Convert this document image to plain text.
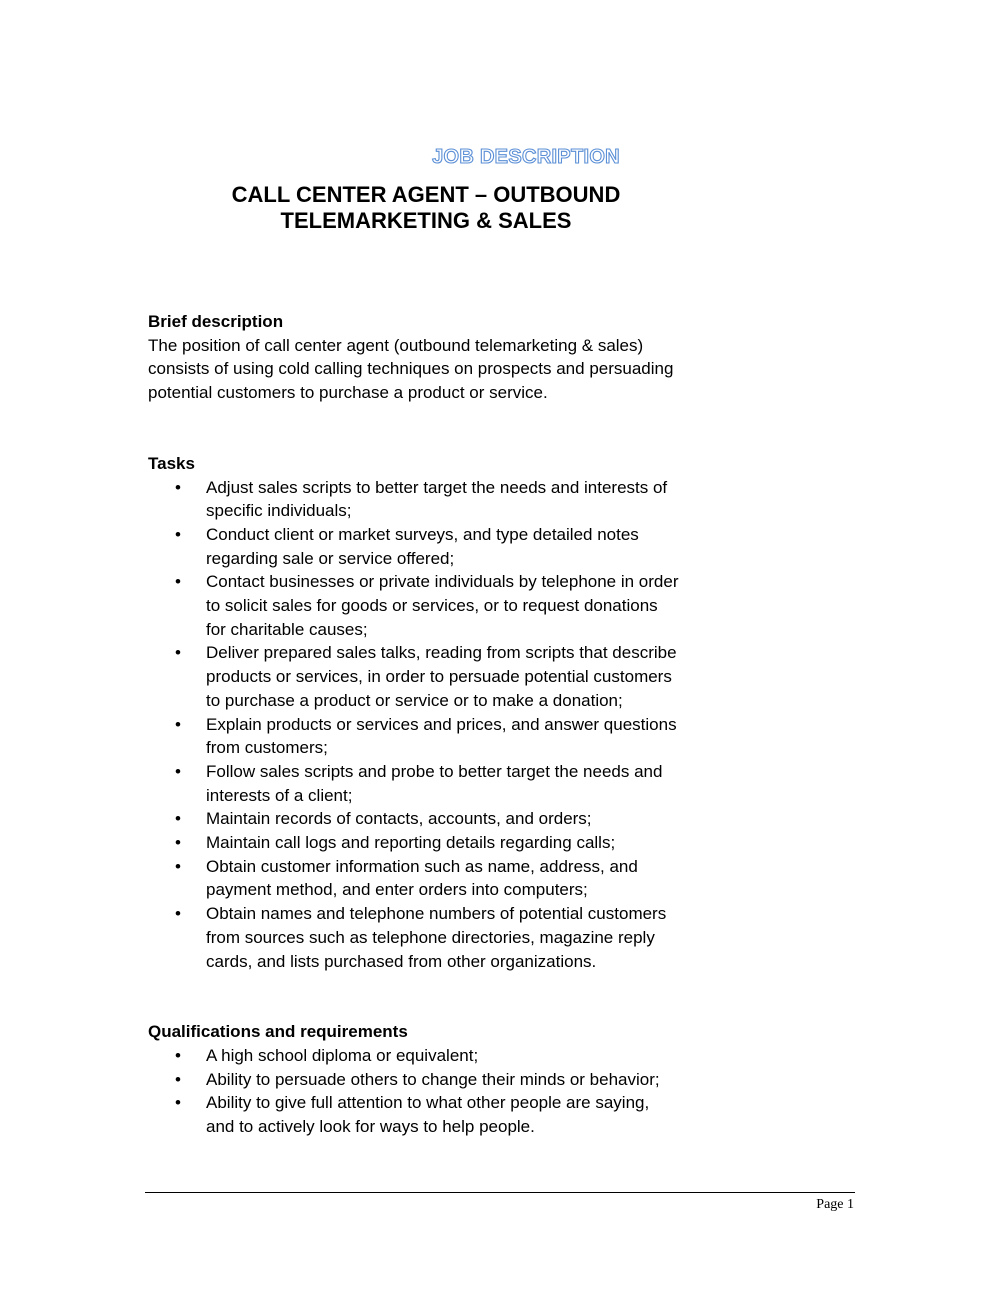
JOB DESCRIPTION
CALL CENTER AGENT – OUTBOUND
TELEMARKETING & SALES

Brief description

The position of call center agent (outbound telemarketing & sales)

consists of using cold calling techniques on prospects and persuading

potential customers to purchase a product or service.

Tasks

• Adjust sales scripts to better target the needs and interests of
specific individuals;
• Conduct client or market surveys, and type detailed notes
regarding sale or service offered;
• Contact businesses or private individuals by telephone in order
to solicit sales for goods or services, or to request donations
for charitable causes;
• Deliver prepared sales talks, reading from scripts that describe
products or services, in order to persuade potential customers
to purchase a product or service or to make a donation;
• Explain products or services and prices, and answer questions
from customers;
• Follow sales scripts and probe to better target the needs and
interests of a client;
• Maintain records of contacts, accounts, and orders;
• Maintain call logs and reporting details regarding calls;
• Obtain customer information such as name, address, and
payment method, and enter orders into computers;
• Obtain names and telephone numbers of potential customers
from sources such as telephone directories, magazine reply
cards, and lists purchased from other organizations.

Qualifications and requirements

• A high school diploma or equivalent;
• Ability to persuade others to change their minds or behavior;
• Ability to give full attention to what other people are saying,
and to actively look for ways to help people.
Page 1
